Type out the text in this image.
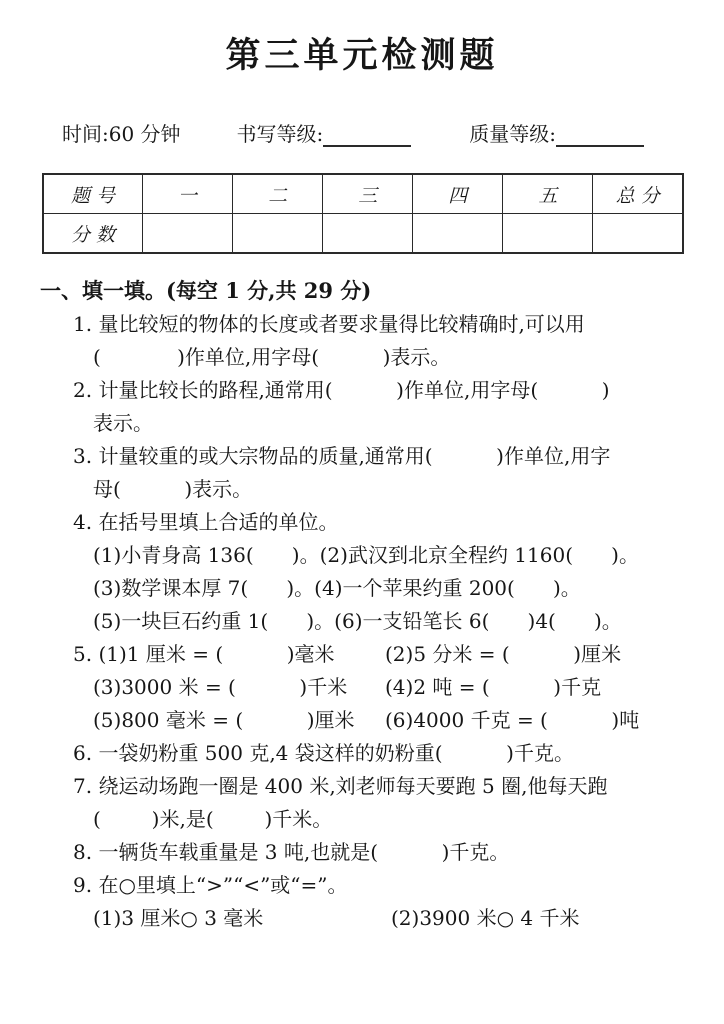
第三单元检测题
时间:60 分钟	书写等级:	质量等级:
题 号	一	二	三	四	五	总 分
分 数						
一、填一填。(每空 1 分,共 29 分)
1. 量比较短的物体的长度或者要求量得比较精确时,可以用
(            )作单位,用字母(          )表示。
2. 计量比较长的路程,通常用(          )作单位,用字母(          )
表示。
3. 计量较重的或大宗物品的质量,通常用(          )作单位,用字
母(          )表示。
4. 在括号里填上合适的单位。
(1)小青身高 136(      )。(2)武汉到北京全程约 1160(      )。
(3)数学课本厚 7(      )。(4)一个苹果约重 200(      )。
(5)一块巨石约重 1(      )。(6)一支铅笔长 6(      )4(      )。
5. (1)1 厘米 = (          )毫米	(2)5 分米 = (          )厘米
(3)3000 米 = (          )千米	(4)2 吨 = (          )千克
(5)800 毫米 = (          )厘米	(6)4000 千克 = (          )吨
6. 一袋奶粉重 500 克,4 袋这样的奶粉重(          )千克。
7. 绕运动场跑一圈是 400 米,刘老师每天要跑 5 圈,他每天跑
(        )米,是(        )千米。
8. 一辆货车载重量是 3 吨,也就是(          )千克。
9. 在○里填上“>”“<”或“=”。
(1)3 厘米○ 3 毫米	(2)3900 米○ 4 千米
